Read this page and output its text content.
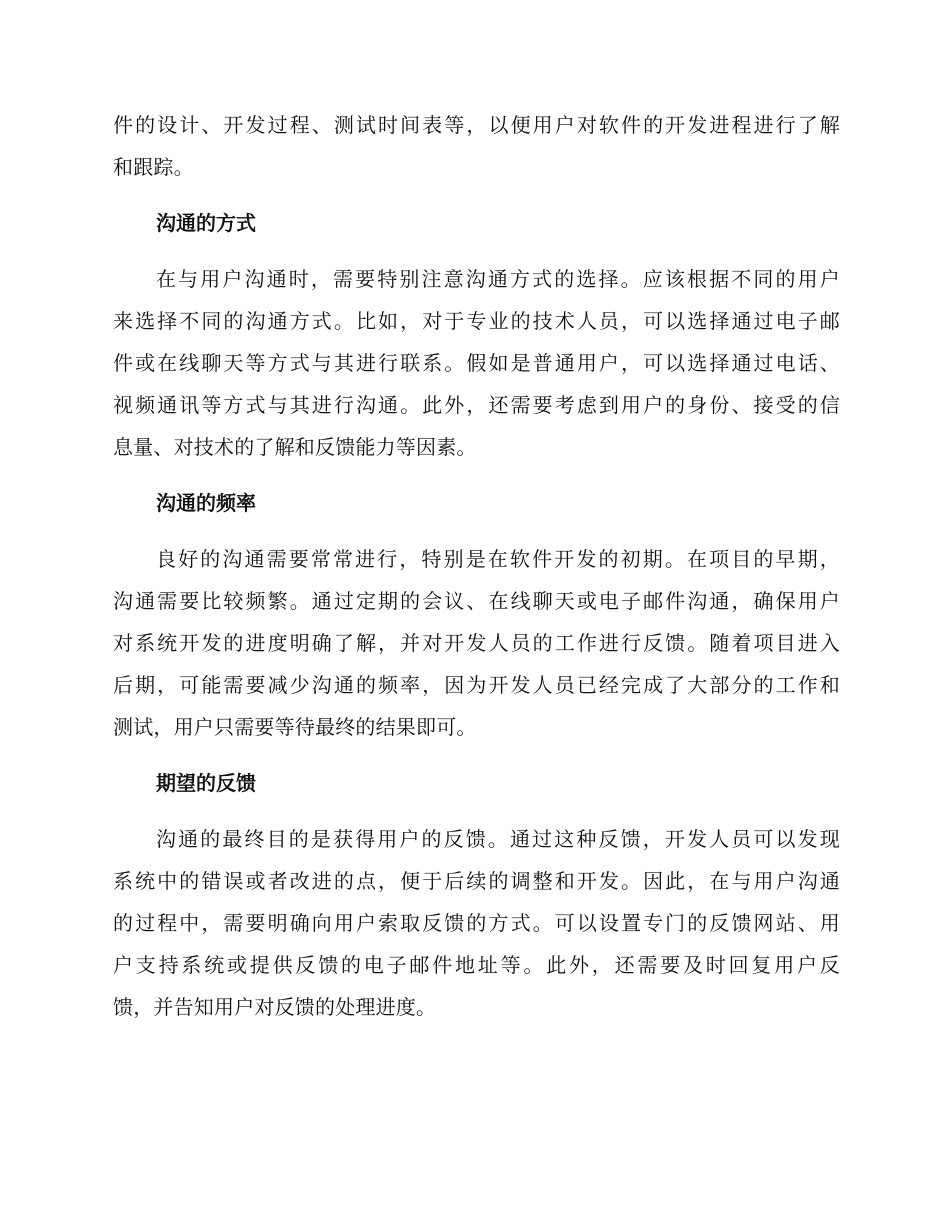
件的设计、开发过程、测试时间表等，以便用户对软件的开发进程进行了解
和跟踪。
沟通的方式
在与用户沟通时，需要特别注意沟通方式的选择。应该根据不同的用户
来选择不同的沟通方式。比如，对于专业的技术人员，可以选择通过电子邮
件或在线聊天等方式与其进行联系。假如是普通用户，可以选择通过电话、
视频通讯等方式与其进行沟通。此外，还需要考虑到用户的身份、接受的信
息量、对技术的了解和反馈能力等因素。
沟通的频率
良好的沟通需要常常进行，特别是在软件开发的初期。在项目的早期，
沟通需要比较频繁。通过定期的会议、在线聊天或电子邮件沟通，确保用户
对系统开发的进度明确了解，并对开发人员的工作进行反馈。随着项目进入
后期，可能需要减少沟通的频率，因为开发人员已经完成了大部分的工作和
测试，用户只需要等待最终的结果即可。
期望的反馈
沟通的最终目的是获得用户的反馈。通过这种反馈，开发人员可以发现
系统中的错误或者改进的点，便于后续的调整和开发。因此，在与用户沟通
的过程中，需要明确向用户索取反馈的方式。可以设置专门的反馈网站、用
户支持系统或提供反馈的电子邮件地址等。此外，还需要及时回复用户反
馈，并告知用户对反馈的处理进度。
